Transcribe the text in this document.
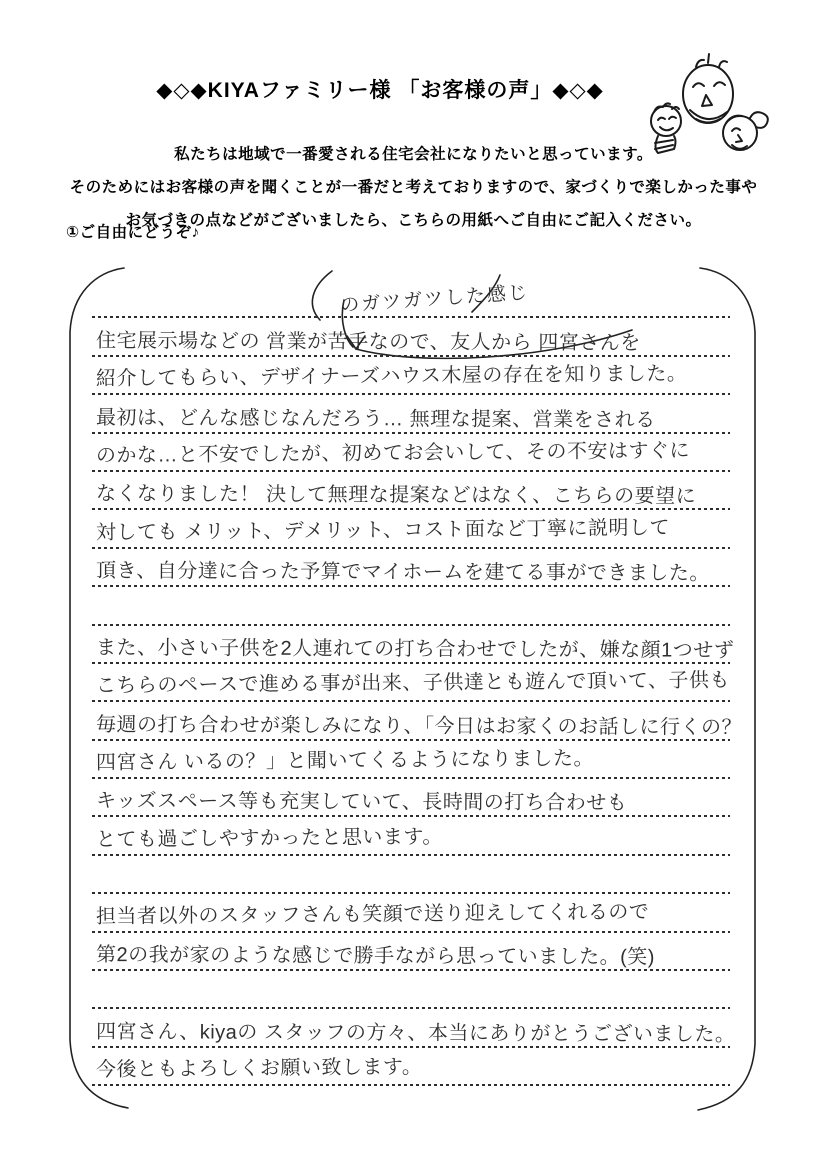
◆◇◆KIYAファミリー様 「お客様の声」◆◇◆

私たちは地域で一番愛される住宅会社になりたいと思っています。

そのためにはお客様の声を聞くことが一番だと考えておりますので、家づくりで楽しかった事や

お気づきの点などがございましたら、こちらの用紙へご自由にご記入ください。

①ご自由にどうぞ♪
のガツガツした感じ
住宅展示場などの 営業が苦手なので、友人から 四宮さんを
紹介してもらい、デザイナーズハウス木屋の存在を知りました。
最初は、どんな感じなんだろう… 無理な提案、営業をされる
のかな…と不安でしたが、初めてお会いして、その不安はすぐに
なくなりました！ 決して無理な提案などはなく、こちらの要望に
対しても メリット、デメリット、コスト面など丁寧に説明して
頂き、自分達に合った予算でマイホームを建てる事ができました。
また、小さい子供を2人連れての打ち合わせでしたが、嫌な顔1つせず
こちらのペースで進める事が出来、子供達とも遊んで頂いて、子供も
毎週の打ち合わせが楽しみになり、「今日はお家くのお話しに行くの？
四宮さん いるの？」と聞いてくるようになりました。
キッズスペース等も充実していて、長時間の打ち合わせも
とても過ごしやすかったと思います。
担当者以外のスタッフさんも笑顔で送り迎えしてくれるので
第2の我が家のような感じで勝手ながら思っていました。(笑)
四宮さん、kiyaの スタッフの方々、本当にありがとうございました。
今後ともよろしくお願い致します。
